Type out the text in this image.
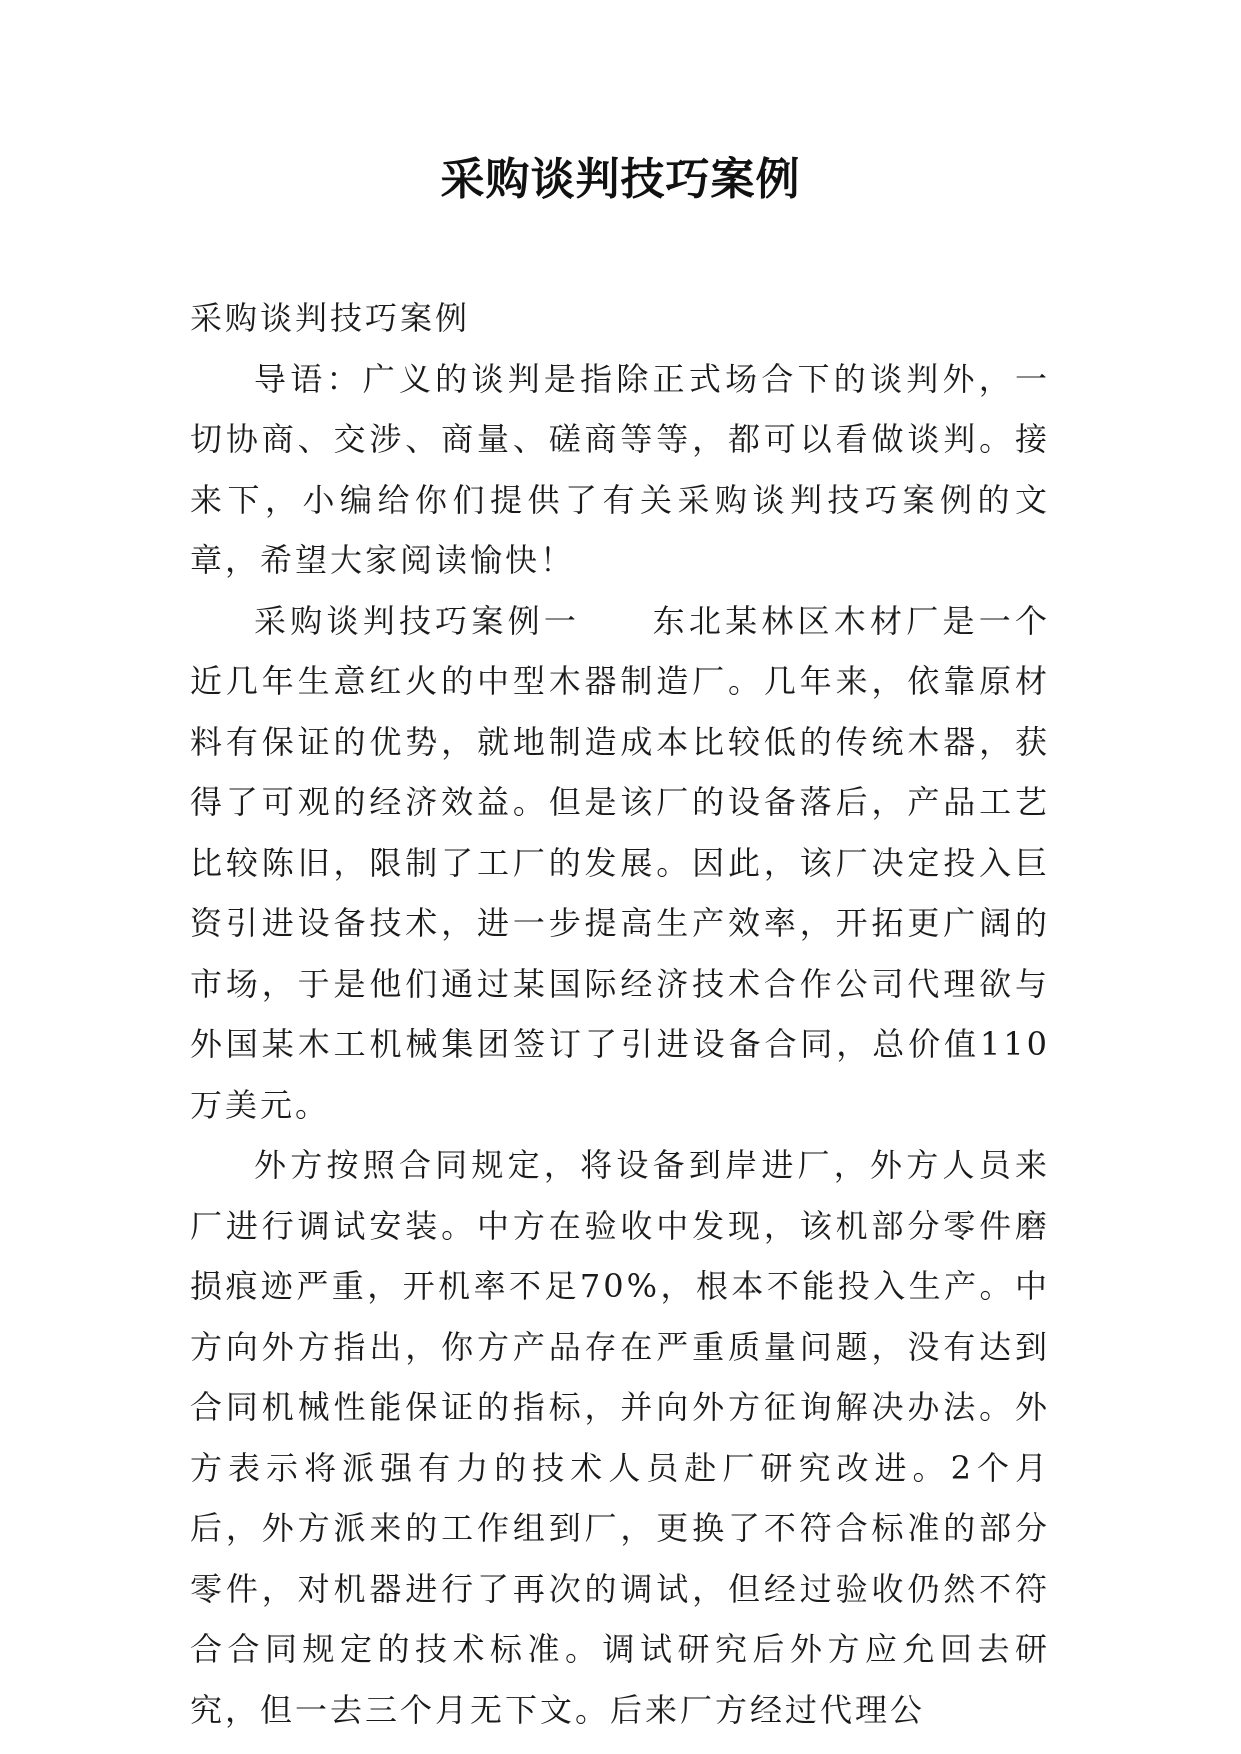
采购谈判技巧案例

采购谈判技巧案例

导语：广义的谈判是指除正式场合下的谈判外，一切协商、交涉、商量、磋商等等，都可以看做谈判。接来下，小编给你们提供了有关采购谈判技巧案例的文章，希望大家阅读愉快！

采购谈判技巧案例一　　东北某林区木材厂是一个近几年生意红火的中型木器制造厂。几年来，依靠原材料有保证的优势，就地制造成本比较低的传统木器，获得了可观的经济效益。但是该厂的设备落后，产品工艺比较陈旧，限制了工厂的发展。因此，该厂决定投入巨资引进设备技术，进一步提高生产效率，开拓更广阔的市场，于是他们通过某国际经济技术合作公司代理欲与外国某木工机械集团签订了引进设备合同，总价值110万美元。

外方按照合同规定，将设备到岸进厂，外方人员来厂进行调试安装。中方在验收中发现，该机部分零件磨损痕迹严重，开机率不足70%，根本不能投入生产。中方向外方指出，你方产品存在严重质量问题，没有达到合同机械性能保证的指标，并向外方征询解决办法。外方表示将派强有力的技术人员赴厂研究改进。2个月后，外方派来的工作组到厂，更换了不符合标准的部分零件，对机器进行了再次的调试，但经过验收仍然不符合合同规定的技术标准。调试研究后外方应允回去研究，但一去三个月无下文。后来厂方经过代理公
